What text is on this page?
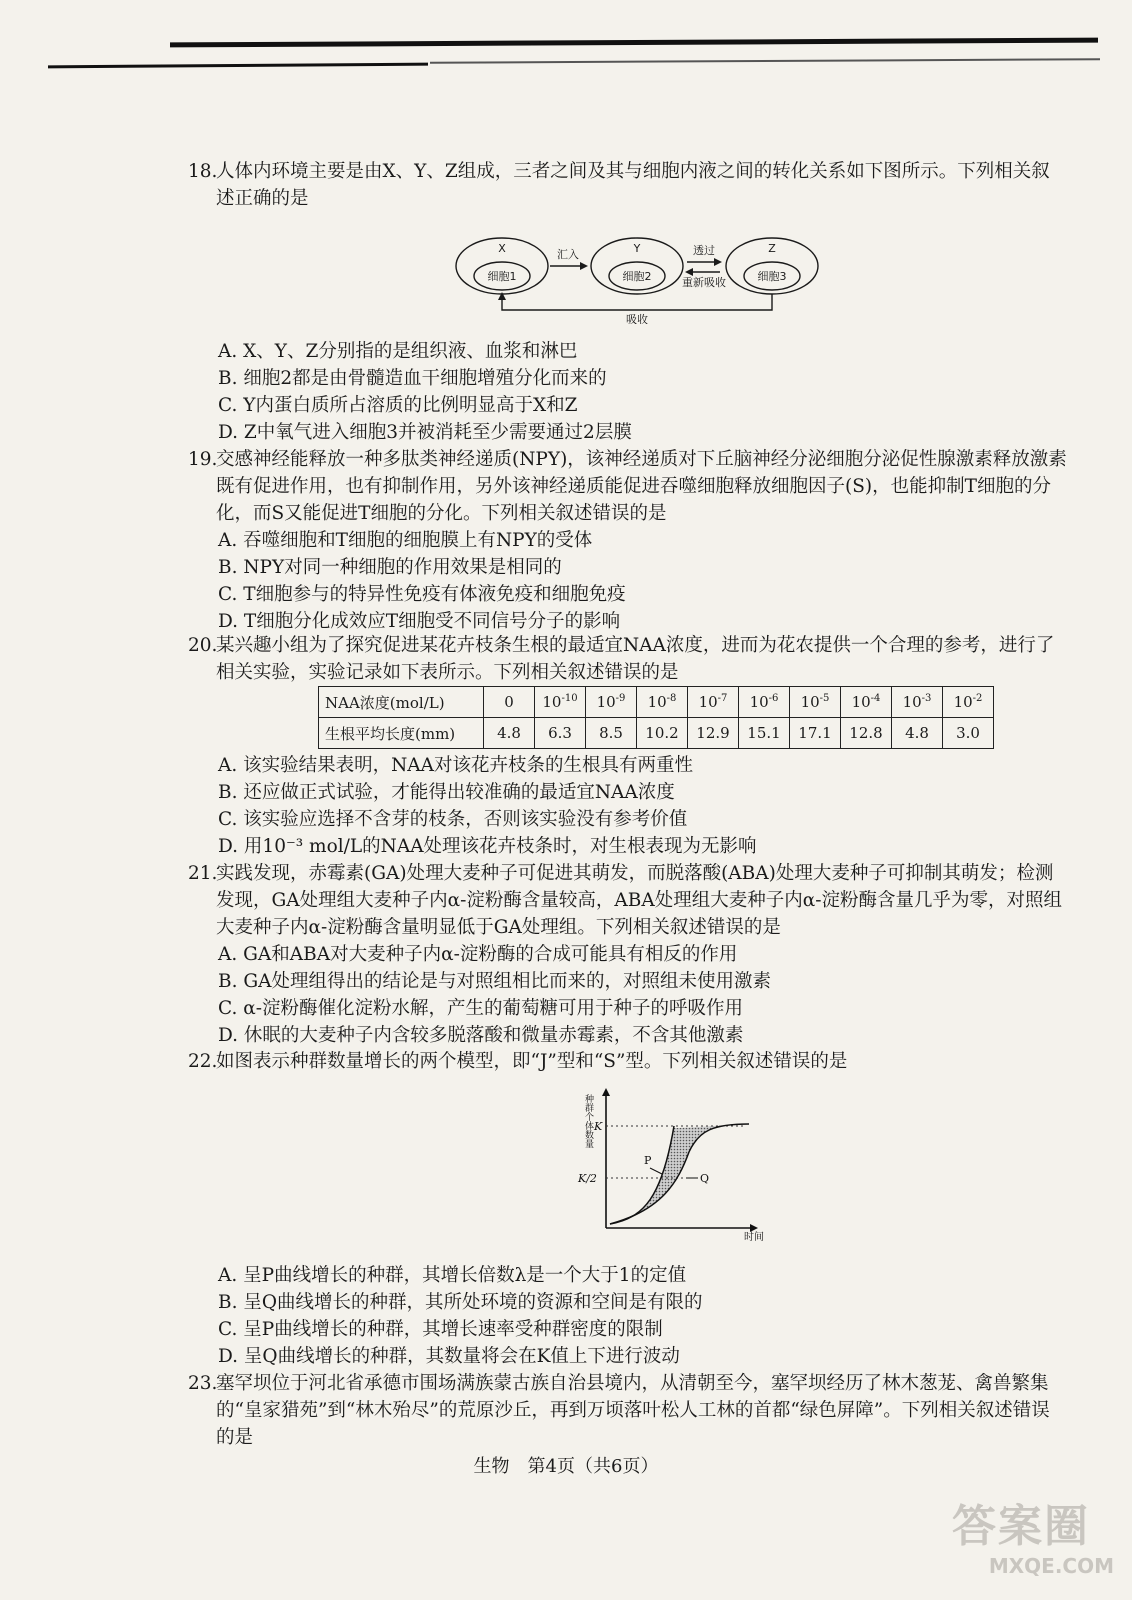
18.人体内环境主要是由X、Y、Z组成，三者之间及其与细胞内液之间的转化关系如下图所示。下列相关叙述正确的是
X
细胞1
Y
细胞2
Z
细胞3
汇入	透过
重新吸收
吸收
A. X、Y、Z分别指的是组织液、血浆和淋巴
B. 细胞2都是由骨髓造血干细胞增殖分化而来的
C. Y内蛋白质所占溶质的比例明显高于X和Z
D. Z中氧气进入细胞3并被消耗至少需要通过2层膜
19.交感神经能释放一种多肽类神经递质(NPY)，该神经递质对下丘脑神经分泌细胞分泌促性腺激素释放激素既有促进作用，也有抑制作用，另外该神经递质能促进吞噬细胞释放细胞因子(S)，也能抑制T细胞的分化，而S又能促进T细胞的分化。下列相关叙述错误的是
A. 吞噬细胞和T细胞的细胞膜上有NPY的受体
B. NPY对同一种细胞的作用效果是相同的
C. T细胞参与的特异性免疫有体液免疫和细胞免疫
D. T细胞分化成效应T细胞受不同信号分子的影响
20.某兴趣小组为了探究促进某花卉枝条生根的最适宜NAA浓度，进而为花农提供一个合理的参考，进行了相关实验，实验记录如下表所示。下列相关叙述错误的是
NAA浓度(mol/L)	0	$10^{-10}$	$10^{-9}$	$10^{-8}$	$10^{-7}$	$10^{-6}$	$10^{-5}$	$10^{-4}$	$10^{-3}$	$10^{-2}$
生根平均长度(mm)	4.8	6.3	8.5	10.2	12.9	15.1	17.1	12.8	4.8	3.0
A. 该实验结果表明，NAA对该花卉枝条的生根具有两重性
B. 还应做正式试验，才能得出较准确的最适宜NAA浓度
C. 该实验应选择不含芽的枝条，否则该实验没有参考价值
D. 用10⁻³ mol/L的NAA处理该花卉枝条时，对生根表现为无影响
21.实践发现，赤霉素(GA)处理大麦种子可促进其萌发，而脱落酸(ABA)处理大麦种子可抑制其萌发；检测发现，GA处理组大麦种子内α-淀粉酶含量较高，ABA处理组大麦种子内α-淀粉酶含量几乎为零，对照组大麦种子内α-淀粉酶含量明显低于GA处理组。下列相关叙述错误的是
A. GA和ABA对大麦种子内α-淀粉酶的合成可能具有相反的作用
B. GA处理组得出的结论是与对照组相比而来的，对照组未使用激素
C. α-淀粉酶催化淀粉水解，产生的葡萄糖可用于种子的呼吸作用
D. 休眠的大麦种子内含较多脱落酸和微量赤霉素，不含其他激素
22.如图表示种群数量增长的两个模型，即“J”型和“S”型。下列相关叙述错误的是
K
K/2
P
Q
时间
种群个体数量
A. 呈P曲线增长的种群，其增长倍数λ是一个大于1的定值
B. 呈Q曲线增长的种群，其所处环境的资源和空间是有限的
C. 呈P曲线增长的种群，其增长速率受种群密度的限制
D. 呈Q曲线增长的种群，其数量将会在K值上下进行波动
23.塞罕坝位于河北省承德市围场满族蒙古族自治县境内，从清朝至今，塞罕坝经历了林木葱茏、禽兽繁集的“皇家猎苑”到“林木殆尽”的荒原沙丘，再到万顷落叶松人工林的首都“绿色屏障”。下列相关叙述错误的是
生物　第4页（共6页）
答案圈
MXQE.COM
